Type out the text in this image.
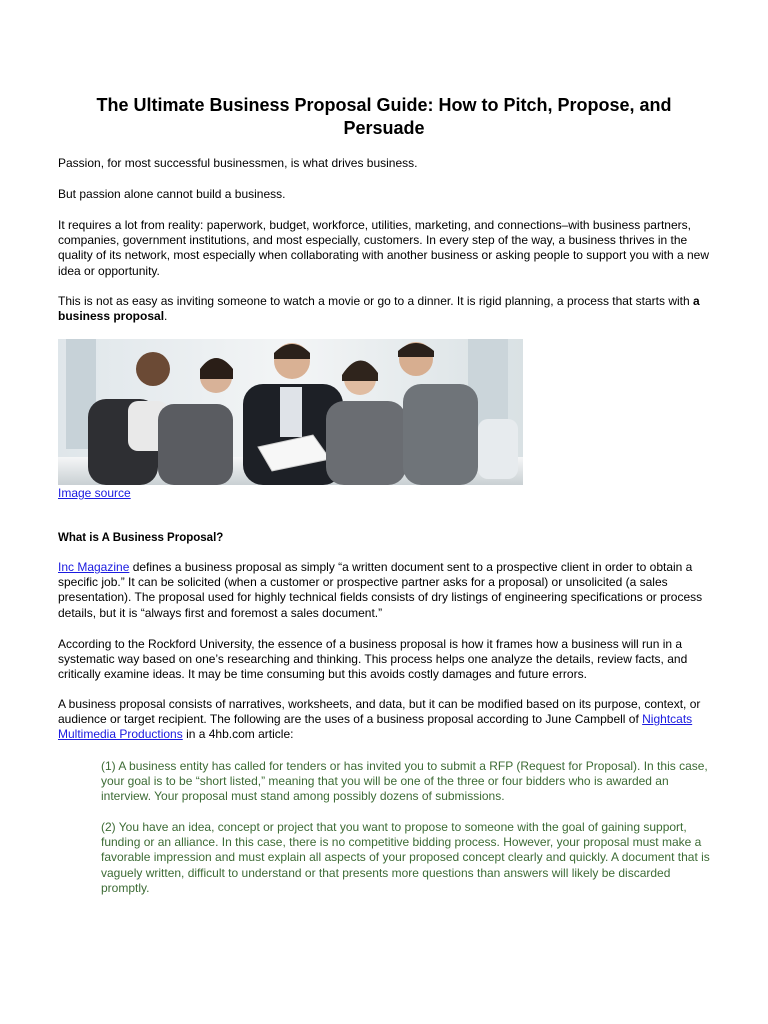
The Ultimate Business Proposal Guide: How to Pitch, Propose, and Persuade

Passion, for most successful businessmen, is what drives business.

But passion alone cannot build a business.

It requires a lot from reality: paperwork, budget, workforce, utilities, marketing, and connections–with business partners, companies, government institutions, and most especially, customers. In every step of the way, a business thrives in the quality of its network, most especially when collaborating with another business or asking people to support you with a new idea or opportunity.

This is not as easy as inviting someone to watch a movie or go to a dinner. It is rigid planning, a process that starts with a business proposal.

Image source

What is A Business Proposal?

Inc Magazine defines a business proposal as simply “a written document sent to a prospective client in order to obtain a specific job.” It can be solicited (when a customer or prospective partner asks for a proposal) or unsolicited (a sales presentation). The proposal used for highly technical fields consists of dry listings of engineering specifications or process details, but it is “always first and foremost a sales document.”

According to the Rockford University, the essence of a business proposal is how it frames how a business will run in a systematic way based on one’s researching and thinking. This process helps one analyze the details, review facts, and critically examine ideas. It may be time consuming but this avoids costly damages and future errors.

A business proposal consists of narratives, worksheets, and data, but it can be modified based on its purpose, context, or audience or target recipient. The following are the uses of a business proposal according to June Campbell of Nightcats Multimedia Productions in a 4hb.com article:

(1) A business entity has called for tenders or has invited you to submit a RFP (Request for Proposal). In this case, your goal is to be “short listed,” meaning that you will be one of the three or four bidders who is awarded an interview. Your proposal must stand among possibly dozens of submissions.

(2) You have an idea, concept or project that you want to propose to someone with the goal of gaining support, funding or an alliance. In this case, there is no competitive bidding process. However, your proposal must make a favorable impression and must explain all aspects of your proposed concept clearly and quickly. A document that is vaguely written, difficult to understand or that presents more questions than answers will likely be discarded promptly.
